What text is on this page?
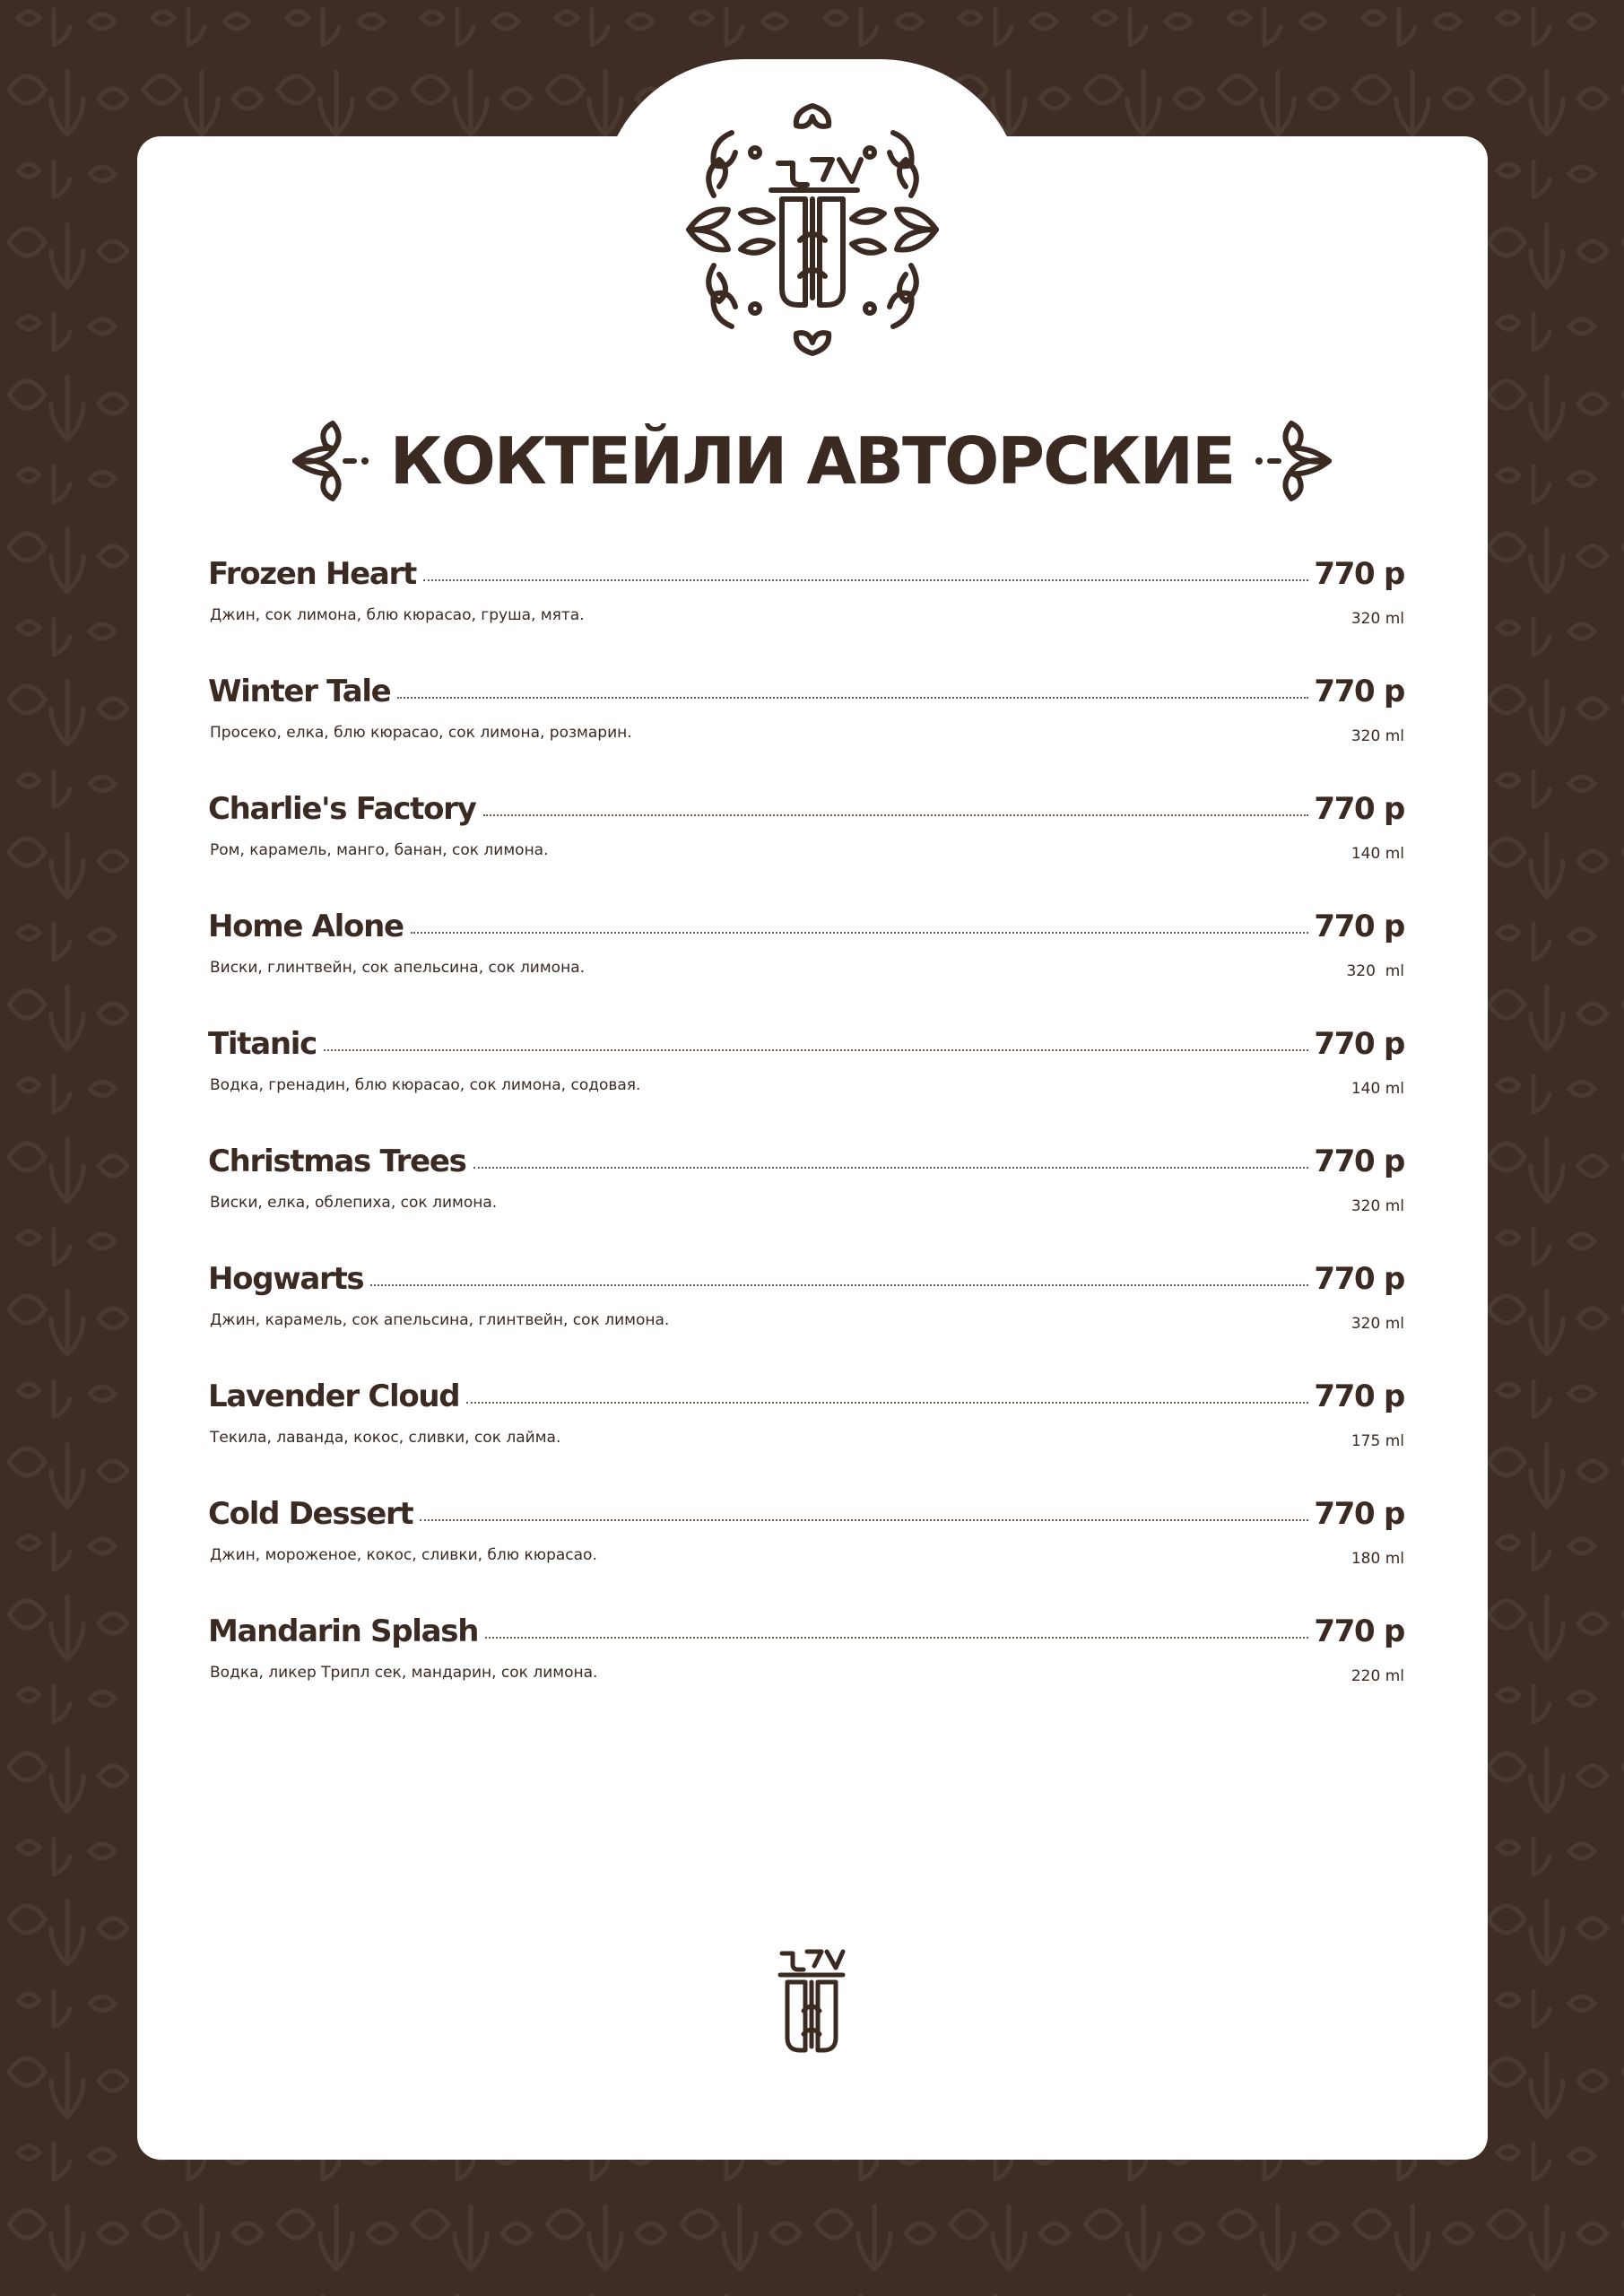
КОКТЕЙЛИ АВТОРСКИЕ
Frozen Heart	770 р
Джин, сок лимона, блю кюрасао, груша, мята.	320 ml
Winter Tale	770 р
Просеко, елка, блю кюрасао, сок лимона, розмарин.	320 ml
Charlie's Factory	770 р
Ром, карамель, манго, банан, сок лимона.	140 ml
Home Alone	770 р
Виски, глинтвейн, сок апельсина, сок лимона.	320  ml
Titanic	770 р
Водка, гренадин, блю кюрасао, сок лимона, содовая.	140 ml
Christmas Trees	770 р
Виски, елка, облепиха, сок лимона.	320 ml
Hogwarts	770 р
Джин, карамель, сок апельсина, глинтвейн, сок лимона.	320 ml
Lavender Cloud	770 р
Текила, лаванда, кокос, сливки, сок лайма.	175 ml
Cold Dessert	770 р
Джин, мороженое, кокос, сливки, блю кюрасао.	180 ml
Mandarin Splash	770 р
Водка, ликер Трипл сек, мандарин, сок лимона.	220 ml
